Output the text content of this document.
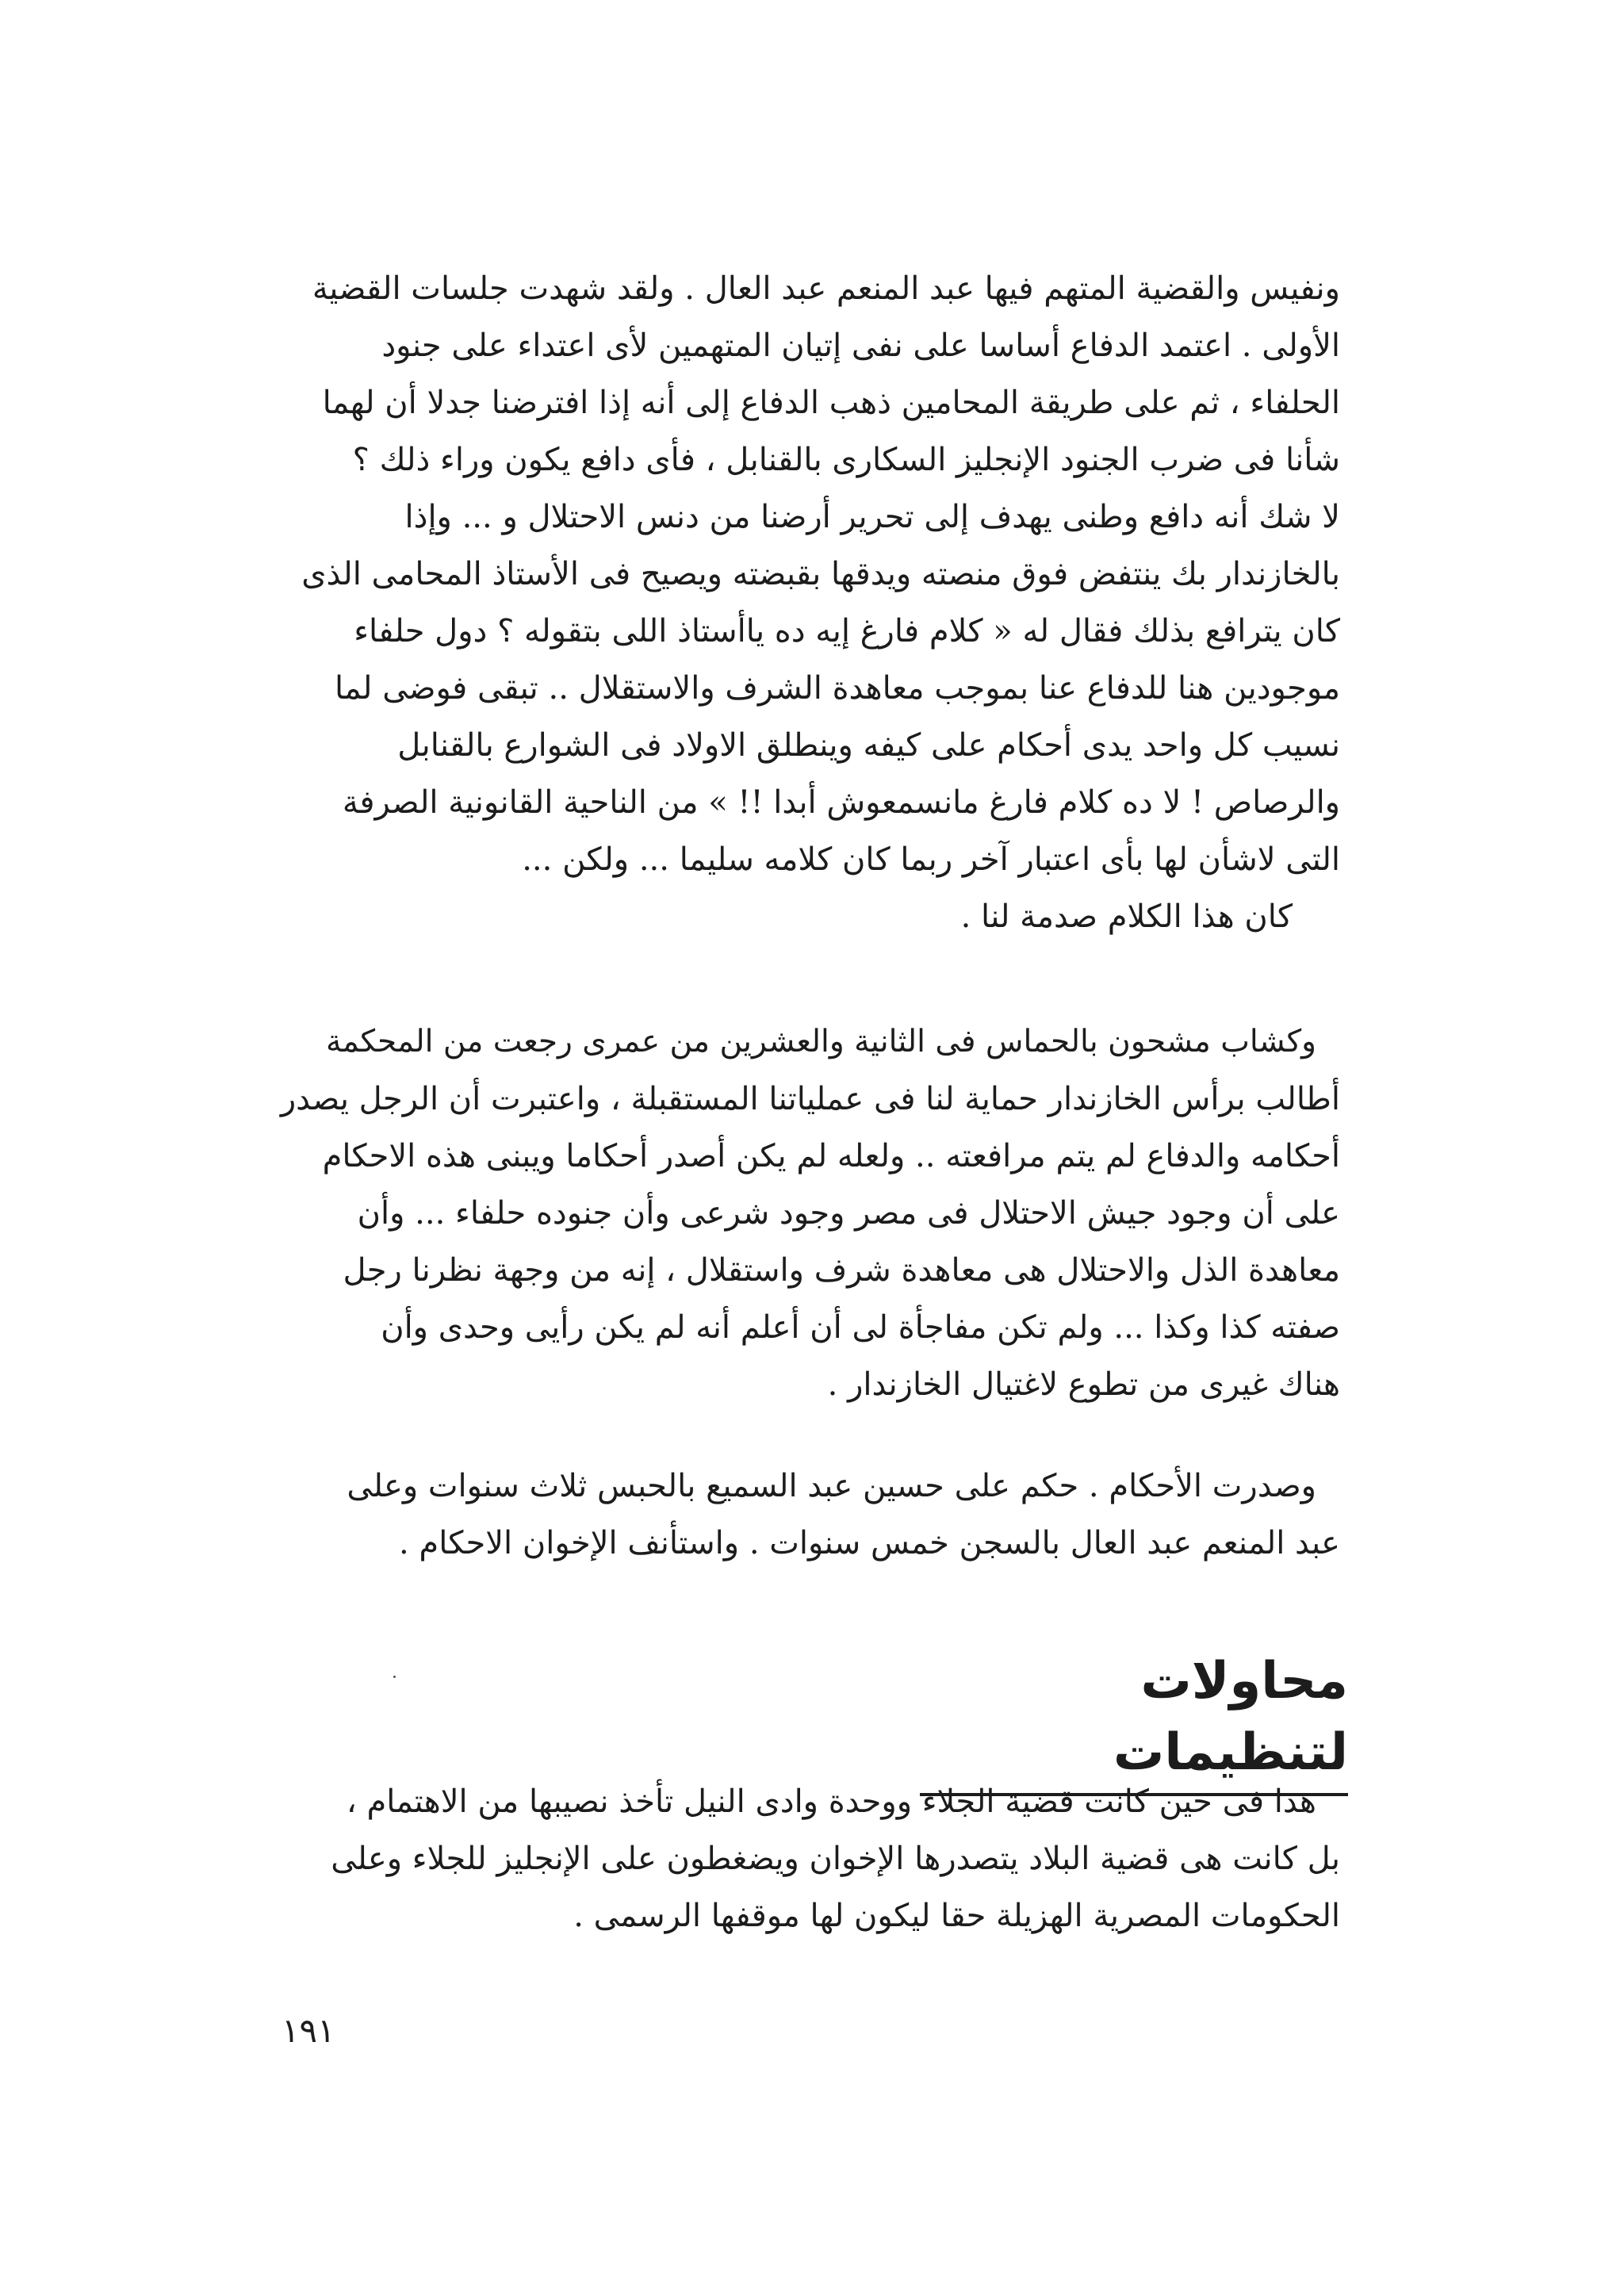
ونفيس والقضية المتهم فيها عبد المنعم عبد العال . ولقد شهدت جلسات القضية
الأولى . اعتمد الدفاع أساسا على نفى إتيان المتهمين لأى اعتداء على جنود
الحلفاء ، ثم على طريقة المحامين ذهب الدفاع إلى أنه إذا افترضنا جدلا أن لهما
شأنا فى ضرب الجنود الإنجليز السكارى بالقنابل ، فأى دافع يكون وراء ذلك ؟
لا شك أنه دافع وطنى يهدف إلى تحرير أرضنا من دنس الاحتلال و ... وإذا
بالخازندار بك ينتفض فوق منصته ويدقها بقبضته ويصيح فى الأستاذ المحامى الذى
كان يترافع بذلك فقال له « كلام فارغ إيه ده ياأستاذ اللى بتقوله ؟ دول حلفاء
موجودين هنا للدفاع عنا بموجب معاهدة الشرف والاستقلال .. تبقى فوضى لما
نسيب كل واحد يدى أحكام على كيفه وينطلق الاولاد فى الشوارع بالقنابل
والرصاص ! لا ده كلام فارغ مانسمعوش أبدا !! » من الناحية القانونية الصرفة
التى لاشأن لها بأى اعتبار آخر ربما كان كلامه سليما ... ولكن ...
كان هذا الكلام صدمة لنا .
وكشاب مشحون بالحماس فى الثانية والعشرين من عمرى رجعت من المحكمة
أطالب برأس الخازندار حماية لنا فى عملياتنا المستقبلة ، واعتبرت أن الرجل يصدر
أحكامه والدفاع لم يتم مرافعته .. ولعله لم يكن أصدر أحكاما ويبنى هذه الاحكام
على أن وجود جيش الاحتلال فى مصر وجود شرعى وأن جنوده حلفاء ... وأن
معاهدة الذل والاحتلال هى معاهدة شرف واستقلال ، إنه من وجهة نظرنا رجل
صفته كذا وكذا ... ولم تكن مفاجأة لى أن أعلم أنه لم يكن رأيى وحدى وأن
هناك غيرى من تطوع لاغتيال الخازندار .
وصدرت الأحكام . حكم على حسين عبد السميع بالحبس ثلاث سنوات وعلى
عبد المنعم عبد العال بالسجن خمس سنوات . واستأنف الإخوان الاحكام .
محاولات لتنظيمات
هذا فى حين كانت قضية الجلاء ووحدة وادى النيل تأخذ نصيبها من الاهتمام ،
بل كانت هى قضية البلاد يتصدرها الإخوان ويضغطون على الإنجليز للجلاء وعلى
الحكومات المصرية الهزيلة حقا ليكون لها موقفها الرسمى .
١٩١
